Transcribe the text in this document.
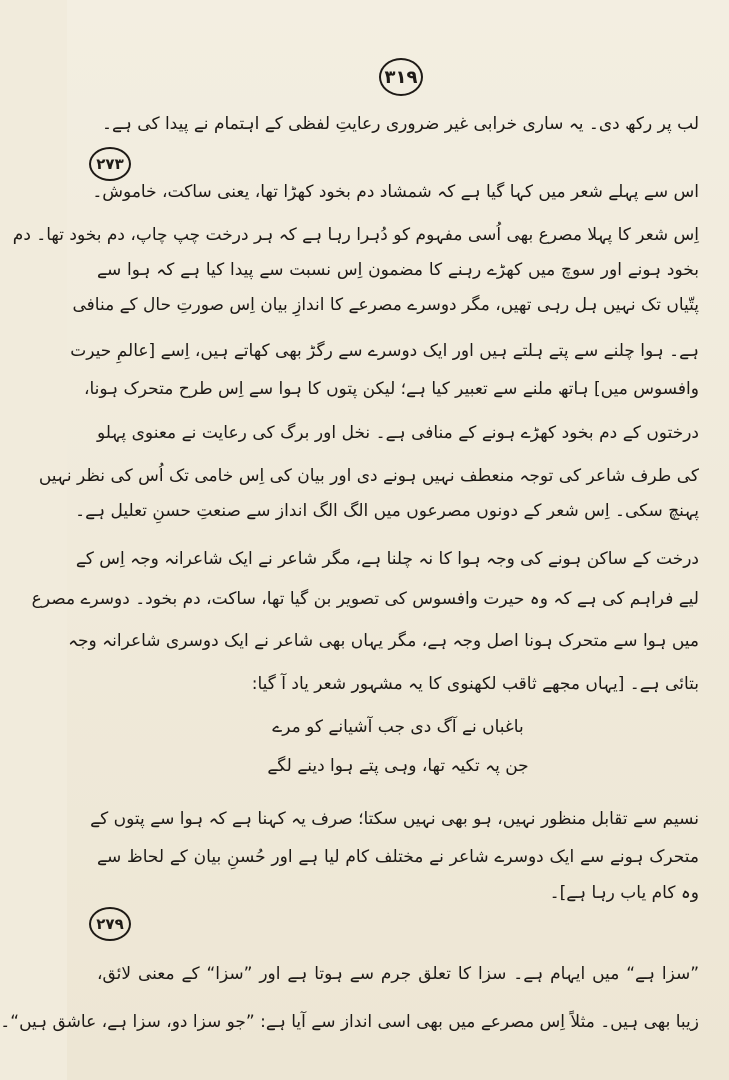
۳۱۹
لب پر رکھ دی۔ یہ ساری خرابی غیر ضروری رعایتِ لفظی کے اہتمام نے پیدا کی ہے۔
۲۷۳
اس سے پہلے شعر میں کہا گیا ہے کہ شمشاد دم بخود کھڑا تھا، یعنی ساکت، خاموش۔
اِس شعر کا پہلا مصرع بھی اُسی مفہوم کو دُہرا رہا ہے کہ ہر درخت چپ چاپ، دم بخود تھا۔ دم
بخود ہونے اور سوچ میں کھڑے رہنے کا مضمون اِس نسبت سے پیدا کیا ہے کہ ہوا سے
پتّیاں تک نہیں ہل رہی تھیں، مگر دوسرے مصرعے کا اندازِ بیان اِس صورتِ حال کے منافی
ہے۔ ہوا چلنے سے پتے ہلتے ہیں اور ایک دوسرے سے رگڑ بھی کھاتے ہیں، اِسے [عالمِ حیرت
وافسوس میں] ہاتھ ملنے سے تعبیر کیا ہے؛ لیکن پتوں کا ہوا سے اِس طرح متحرک ہونا،
درختوں کے دم بخود کھڑے ہونے کے منافی ہے۔ نخل اور برگ کی رعایت نے معنوی پہلو
کی طرف شاعر کی توجہ منعطف نہیں ہونے دی اور بیان کی اِس خامی تک اُس کی نظر نہیں
پہنچ سکی۔ اِس شعر کے دونوں مصرعوں میں الگ الگ انداز سے صنعتِ حسنِ تعلیل ہے۔
درخت کے ساکن ہونے کی وجہ ہوا کا نہ چلنا ہے، مگر شاعر نے ایک شاعرانہ وجہ اِس کے
لیے فراہم کی ہے کہ وہ حیرت وافسوس کی تصویر بن گیا تھا، ساکت، دم بخود۔ دوسرے مصرع
میں ہوا سے متحرک ہونا اصل وجہ ہے، مگر یہاں بھی شاعر نے ایک دوسری شاعرانہ وجہ
بتائی ہے۔ [یہاں مجھے ثاقب لکھنوی کا یہ مشہور شعر یاد آ گیا:
باغباں نے آگ دی جب آشیانے کو مرے
جن پہ تکیہ تھا، وہی پتے ہوا دینے لگے
نسیم سے تقابل منظور نہیں، ہو بھی نہیں سکتا؛ صرف یہ کہنا ہے کہ ہوا سے پتوں کے
متحرک ہونے سے ایک دوسرے شاعر نے مختلف کام لیا ہے اور حُسنِ بیان کے لحاظ سے
وہ کام یاب رہا ہے]۔
۲۷۹
”سزا ہے“ میں ایہام ہے۔ سزا کا تعلق جرم سے ہوتا ہے اور ”سزا“ کے معنی لائق،
زیبا بھی ہیں۔ مثلاً اِس مصرعے میں بھی اسی انداز سے آیا ہے: ”جو سزا دو، سزا ہے، عاشق ہیں“۔
